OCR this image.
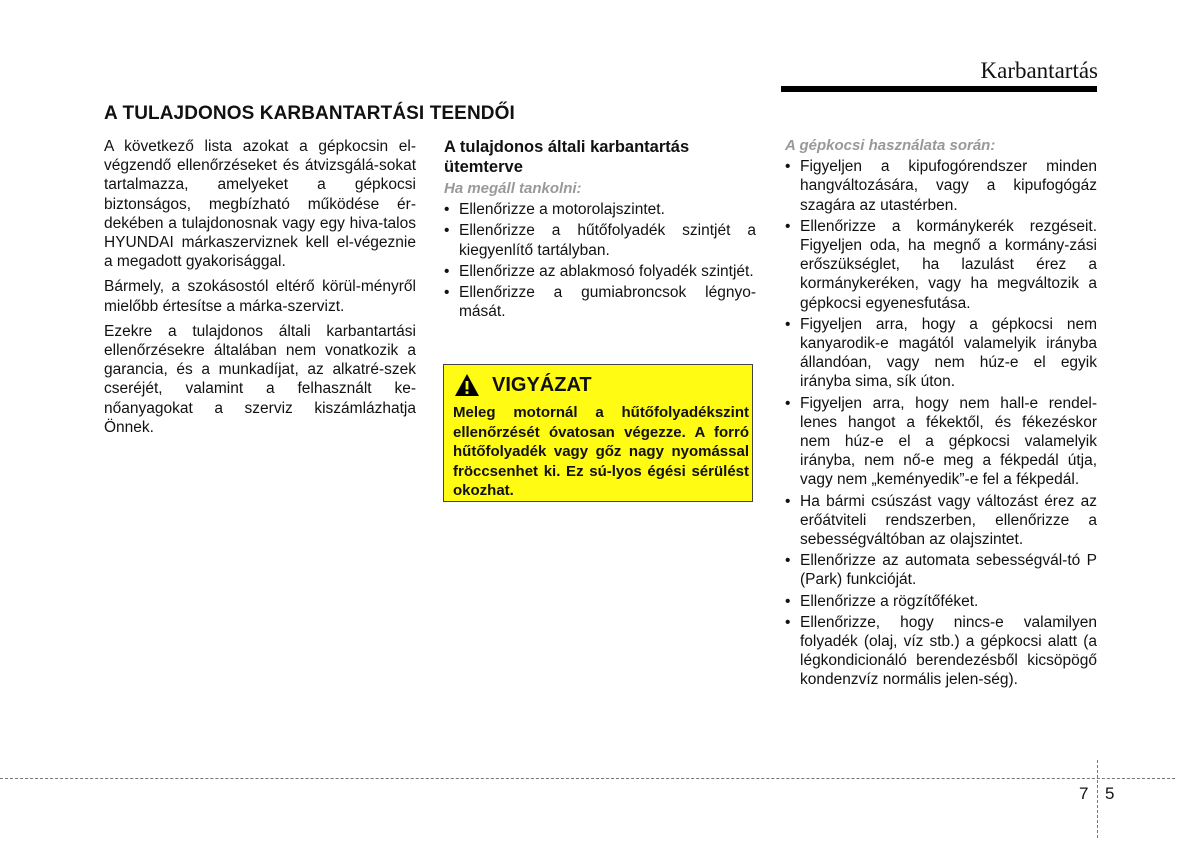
Karbantartás
A TULAJDONOS KARBANTARTÁSI TEENDŐI

A következő lista azokat a gépkocsin el-végzendő ellenőrzéseket és átvizsgálá-sokat tartalmazza, amelyeket a gépkocsi biztonságos, megbízható működése ér-dekében a tulajdonosnak vagy egy hiva-talos HYUNDAI márkaszerviznek kell el-végeznie a megadott gyakorisággal.

Bármely, a szokásostól eltérő körül-ményről mielőbb értesítse a márka-szervizt.

Ezekre a tulajdonos általi karbantartási ellenőrzésekre általában nem vonatkozik a garancia, és a munkadíjat, az alkatré-szek cseréjét, valamint a felhasznált ke-nőanyagokat a szerviz kiszámlázhatja Önnek.

A tulajdonos általi karbantartás ütemterve
Ha megáll tankolni:
• Ellenőrizze a motorolajszintet.
• Ellenőrizze a hűtőfolyadék szintjét a kiegyenlítő tartályban.
• Ellenőrizze az ablakmosó folyadék szintjét.
• Ellenőrizze a gumiabroncsok légnyo-mását.
VIGYÁZAT
Meleg motornál a hűtőfolyadékszint ellenőrzését óvatosan végezze. A forró hűtőfolyadék vagy gőz nagy nyomással fröccsenhet ki. Ez sú-lyos égési sérülést okozhat.
A gépkocsi használata során:
• Figyeljen a kipufogórendszer minden hangváltozására, vagy a kipufogógáz szagára az utastérben.
• Ellenőrizze a kormánykerék rezgéseit. Figyeljen oda, ha megnő a kormány-zási erőszükséglet, ha lazulást érez a kormánykeréken, vagy ha megváltozik a gépkocsi egyenesfutása.
• Figyeljen arra, hogy a gépkocsi nem kanyarodik-e magától valamelyik irányba állandóan, vagy nem húz-e el egyik irányba sima, sík úton.
• Figyeljen arra, hogy nem hall-e rendel-lenes hangot a fékektől, és fékezéskor nem húz-e el a gépkocsi valamelyik irányba, nem nő-e meg a fékpedál útja, vagy nem „keményedik”-e fel a fékpedál.
• Ha bármi csúszást vagy változást érez az erőátviteli rendszerben, ellenőrizze a sebességváltóban az olajszintet.
• Ellenőrizze az automata sebességvál-tó P (Park) funkcióját.
• Ellenőrizze a rögzítőféket.
• Ellenőrizze, hogy nincs-e valamilyen folyadék (olaj, víz stb.) a gépkocsi alatt (a légkondicionáló berendezésből kicsöpögő kondenzvíz normális jelen-ség).
7 5
